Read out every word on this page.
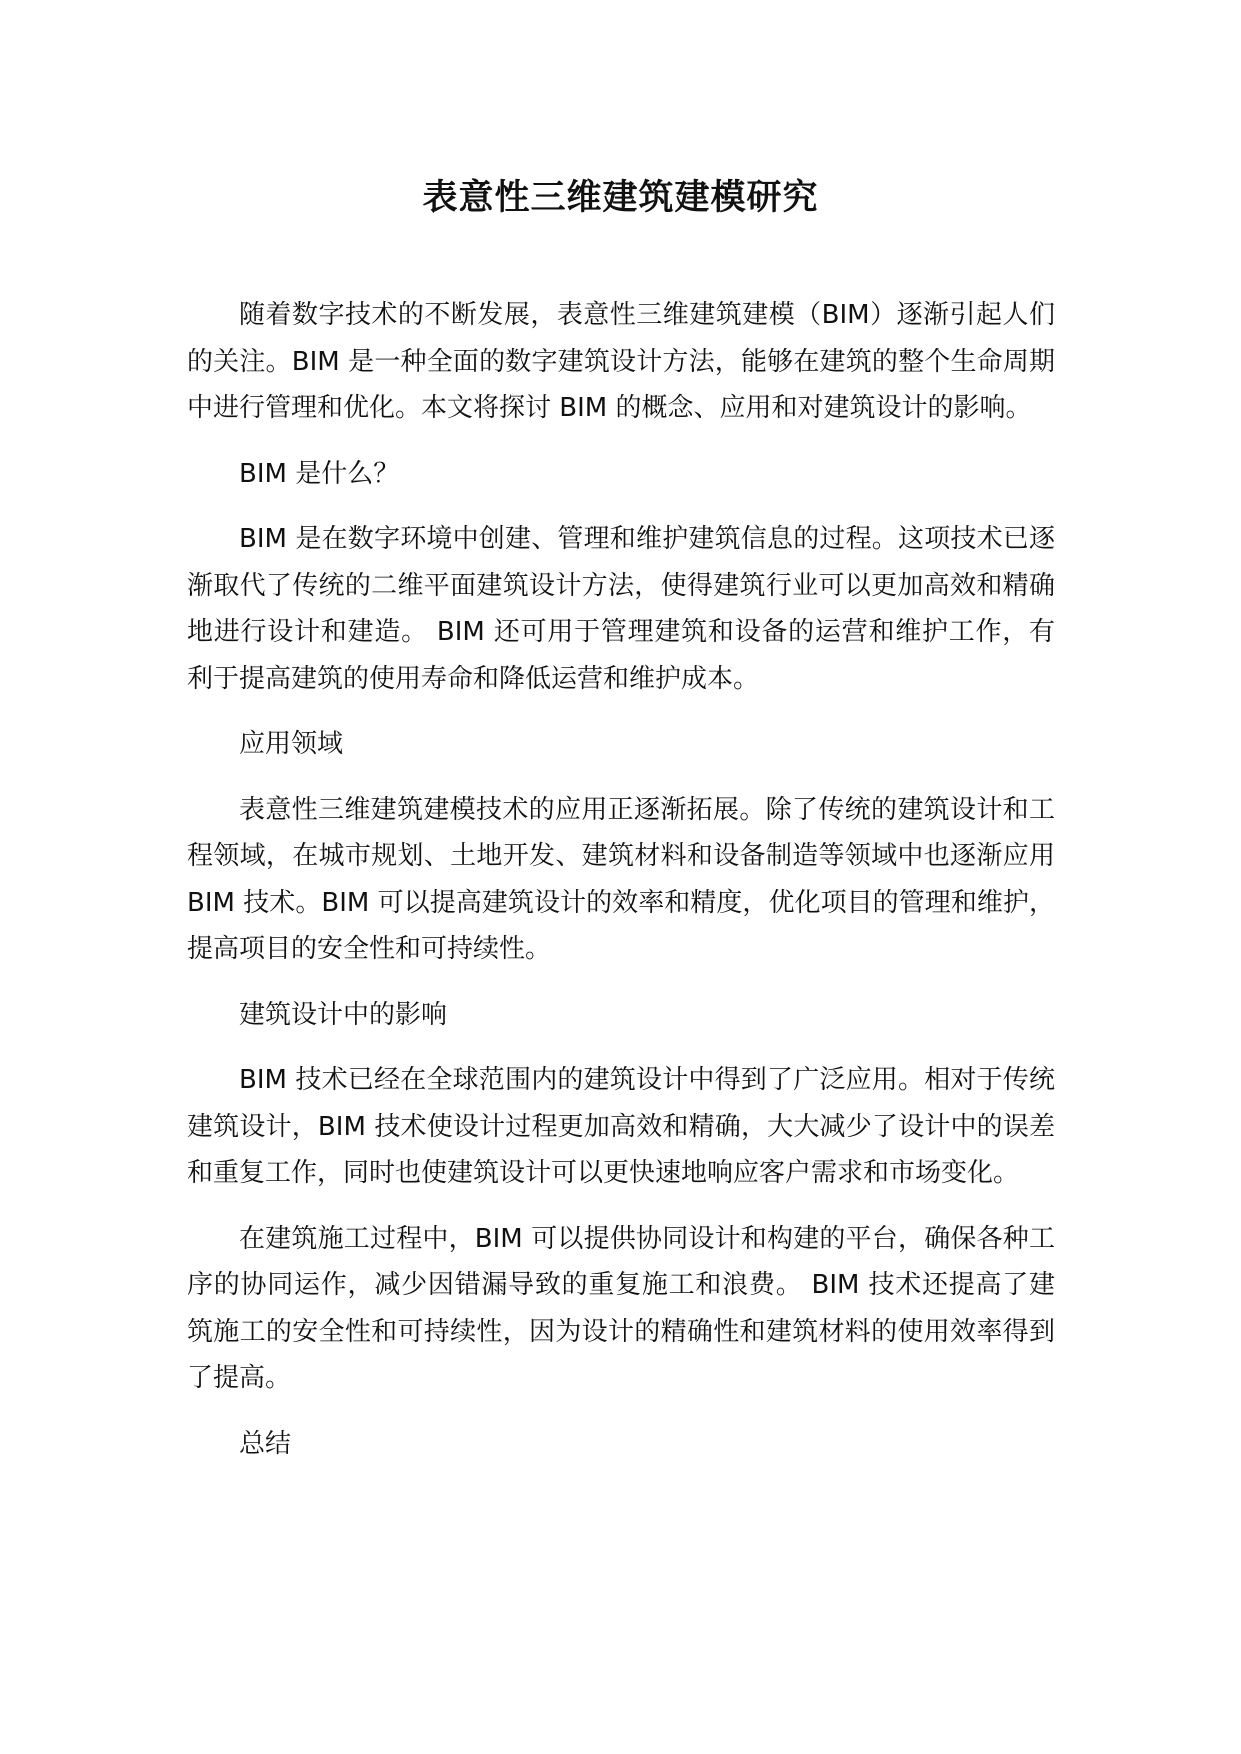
表意性三维建筑建模研究

随着数字技术的不断发展，表意性三维建筑建模（BIM）逐渐引起人们的关注。BIM 是一种全面的数字建筑设计方法，能够在建筑的整个生命周期中进行管理和优化。本文将探讨 BIM 的概念、应用和对建筑设计的影响。

BIM 是什么？

BIM 是在数字环境中创建、管理和维护建筑信息的过程。这项技术已逐渐取代了传统的二维平面建筑设计方法，使得建筑行业可以更加高效和精确地进行设计和建造。 BIM 还可用于管理建筑和设备的运营和维护工作，有利于提高建筑的使用寿命和降低运营和维护成本。

应用领域

表意性三维建筑建模技术的应用正逐渐拓展。除了传统的建筑设计和工程领域，在城市规划、土地开发、建筑材料和设备制造等领域中也逐渐应用 BIM 技术。BIM 可以提高建筑设计的效率和精度，优化项目的管理和维护，提高项目的安全性和可持续性。

建筑设计中的影响

BIM 技术已经在全球范围内的建筑设计中得到了广泛应用。相对于传统建筑设计，BIM 技术使设计过程更加高效和精确，大大减少了设计中的误差和重复工作，同时也使建筑设计可以更快速地响应客户需求和市场变化。

在建筑施工过程中，BIM 可以提供协同设计和构建的平台，确保各种工序的协同运作，减少因错漏导致的重复施工和浪费。 BIM 技术还提高了建筑施工的安全性和可持续性，因为设计的精确性和建筑材料的使用效率得到了提高。

总结
